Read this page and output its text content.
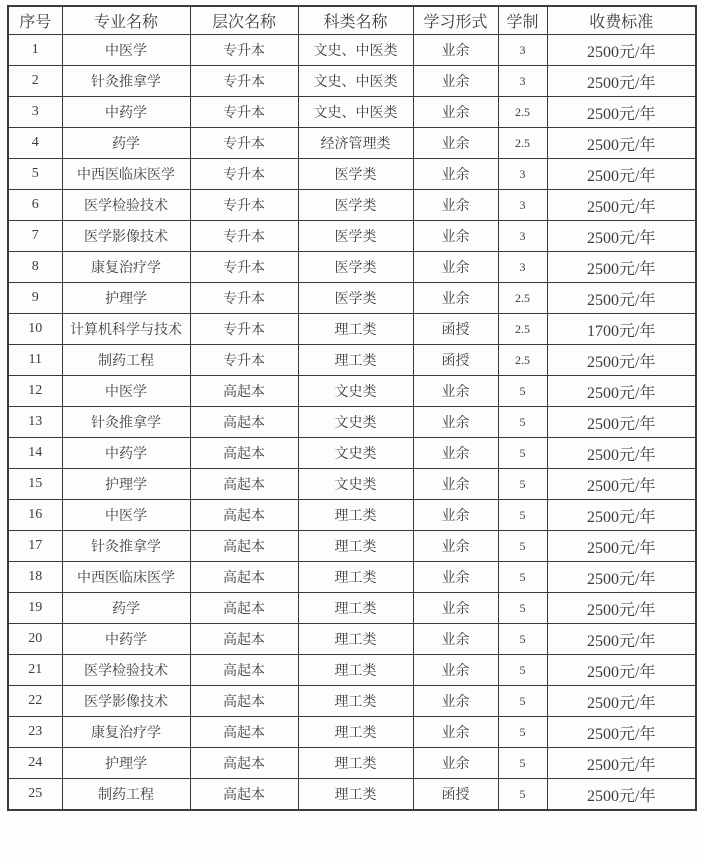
序号	专业名称	层次名称	科类名称	学习形式	学制	收费标准
1	中医学	专升本	文史、中医类	业余	3	2500元/年
2	针灸推拿学	专升本	文史、中医类	业余	3	2500元/年
3	中药学	专升本	文史、中医类	业余	2.5	2500元/年
4	药学	专升本	经济管理类	业余	2.5	2500元/年
5	中西医临床医学	专升本	医学类	业余	3	2500元/年
6	医学检验技术	专升本	医学类	业余	3	2500元/年
7	医学影像技术	专升本	医学类	业余	3	2500元/年
8	康复治疗学	专升本	医学类	业余	3	2500元/年
9	护理学	专升本	医学类	业余	2.5	2500元/年
10	计算机科学与技术	专升本	理工类	函授	2.5	1700元/年
11	制药工程	专升本	理工类	函授	2.5	2500元/年
12	中医学	高起本	文史类	业余	5	2500元/年
13	针灸推拿学	高起本	文史类	业余	5	2500元/年
14	中药学	高起本	文史类	业余	5	2500元/年
15	护理学	高起本	文史类	业余	5	2500元/年
16	中医学	高起本	理工类	业余	5	2500元/年
17	针灸推拿学	高起本	理工类	业余	5	2500元/年
18	中西医临床医学	高起本	理工类	业余	5	2500元/年
19	药学	高起本	理工类	业余	5	2500元/年
20	中药学	高起本	理工类	业余	5	2500元/年
21	医学检验技术	高起本	理工类	业余	5	2500元/年
22	医学影像技术	高起本	理工类	业余	5	2500元/年
23	康复治疗学	高起本	理工类	业余	5	2500元/年
24	护理学	高起本	理工类	业余	5	2500元/年
25	制药工程	高起本	理工类	函授	5	2500元/年
